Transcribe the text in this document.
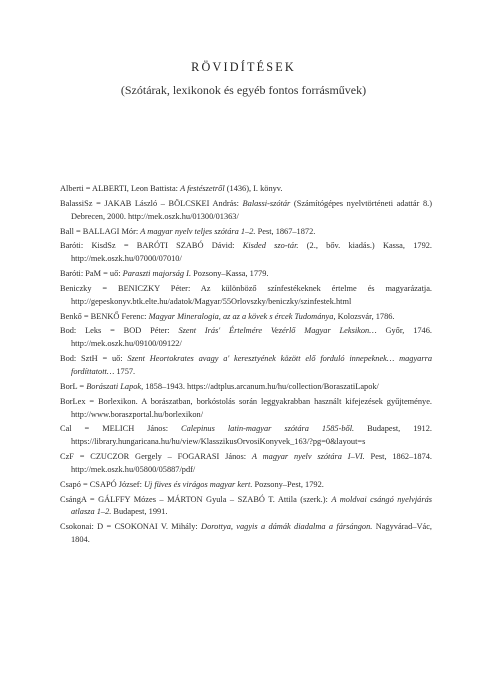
RÖVIDÍTÉSEK
(Szótárak, lexikonok és egyéb fontos forrásművek)
Alberti = ALBERTI, Leon Battista: A festészetről (1436), I. könyv.
BalassiSz = JAKAB László – BÖLCSKEI András: Balassi-szótár (Számítógépes nyelvtörténeti adattár 8.) Debrecen, 2000. http://mek.oszk.hu/01300/01363/
Ball = BALLAGI Mór: A magyar nyelv teljes szótára 1–2. Pest, 1867–1872.
Baróti: KisdSz = BARÓTI SZABÓ Dávid: Kisded szo-tár. (2., bőv. kiadás.) Kassa, 1792. http://mek.oszk.hu/07000/07010/
Baróti: PaM = uő: Paraszti majorság I. Pozsony–Kassa, 1779.
Beniczky = BENICZKY Péter: Az különböző színfestékeknek értelme és magyarázatja. http://gepeskonyv.btk.elte.hu/adatok/Magyar/55Orlovszky/beniczky/szinfestek.html
Benkő = BENKŐ Ferenc: Magyar Mineralogia, az az a kövek s ércek Tudománya, Kolozsvár, 1786.
Bod: Leks = BOD Péter: Szent Irás' Értelmére Vezérlő Magyar Leksikon… Győr, 1746. http://mek.oszk.hu/09100/09122/
Bod: SztH = uő: Szent Heortokrates avagy a' keresztyének között elő forduló innepeknek… magyarra fordíttatott… 1757.
BorL = Borászati Lapok, 1858–1943. https://adtplus.arcanum.hu/hu/collection/BoraszatiLapok/
BorLex = Borlexikon. A borászatban, borkóstolás során leggyakrabban használt kifejezések gyűjteménye. http://www.boraszportal.hu/borlexikon/
Cal = MELICH János: Calepinus latin-magyar szótára 1585-ből. Budapest, 1912. https://library.hungaricana.hu/hu/view/KlasszikusOrvosiKonyvek_163/?pg=0&layout=s
CzF = CZUCZOR Gergely – FOGARASI János: A magyar nyelv szótára I–VI. Pest, 1862–1874. http://mek.oszk.hu/05800/05887/pdf/
Csapó = CSAPÓ József: Uj füves és virágos magyar kert. Pozsony–Pest, 1792.
CsángA = GÁLFFY Mózes – MÁRTON Gyula – SZABÓ T. Attila (szerk.): A moldvai csángó nyelvjárás atlasza 1–2. Budapest, 1991.
Csokonai: D = CSOKONAI V. Mihály: Dorottya, vagyis a dámák diadalma a fársángon. Nagyvárad–Vác, 1804.
